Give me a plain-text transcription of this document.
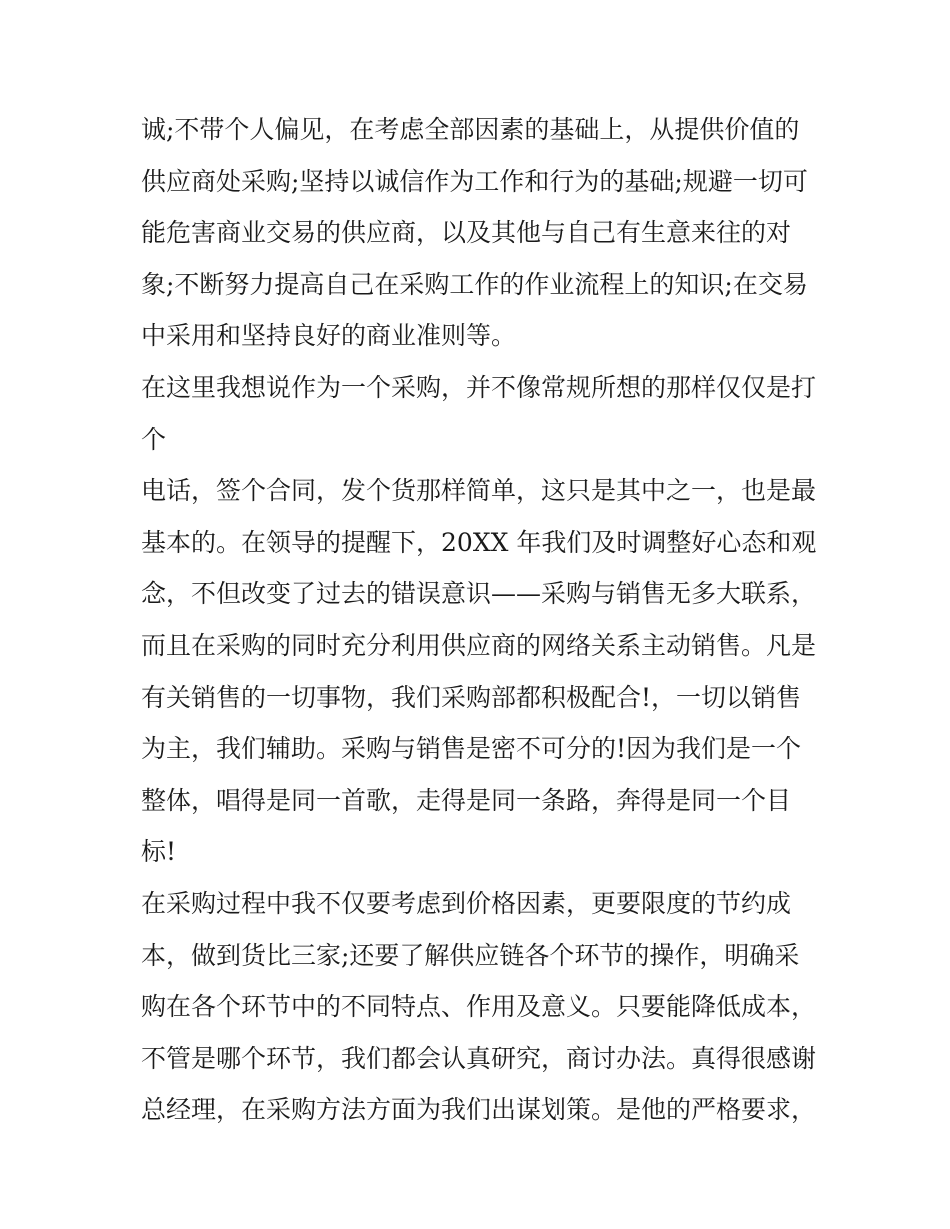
诚;不带个人偏见，在考虑全部因素的基础上，从提供价值的
供应商处采购;坚持以诚信作为工作和行为的基础;规避一切可
能危害商业交易的供应商，以及其他与自己有生意来往的对
象;不断努力提高自己在采购工作的作业流程上的知识;在交易
中采用和坚持良好的商业准则等。
在这里我想说作为一个采购，并不像常规所想的那样仅仅是打
个
电话，签个合同，发个货那样简单，这只是其中之一，也是最
基本的。在领导的提醒下，20XX 年我们及时调整好心态和观
念，不但改变了过去的错误意识——采购与销售无多大联系，
而且在采购的同时充分利用供应商的网络关系主动销售。凡是
有关销售的一切事物，我们采购部都积极配合!，一切以销售
为主，我们辅助。采购与销售是密不可分的!因为我们是一个
整体，唱得是同一首歌，走得是同一条路，奔得是同一个目
标!
在采购过程中我不仅要考虑到价格因素，更要限度的节约成
本，做到货比三家;还要了解供应链各个环节的操作，明确采
购在各个环节中的不同特点、作用及意义。只要能降低成本，
不管是哪个环节，我们都会认真研究，商讨办法。真得很感谢
总经理，在采购方法方面为我们出谋划策。是他的严格要求，
